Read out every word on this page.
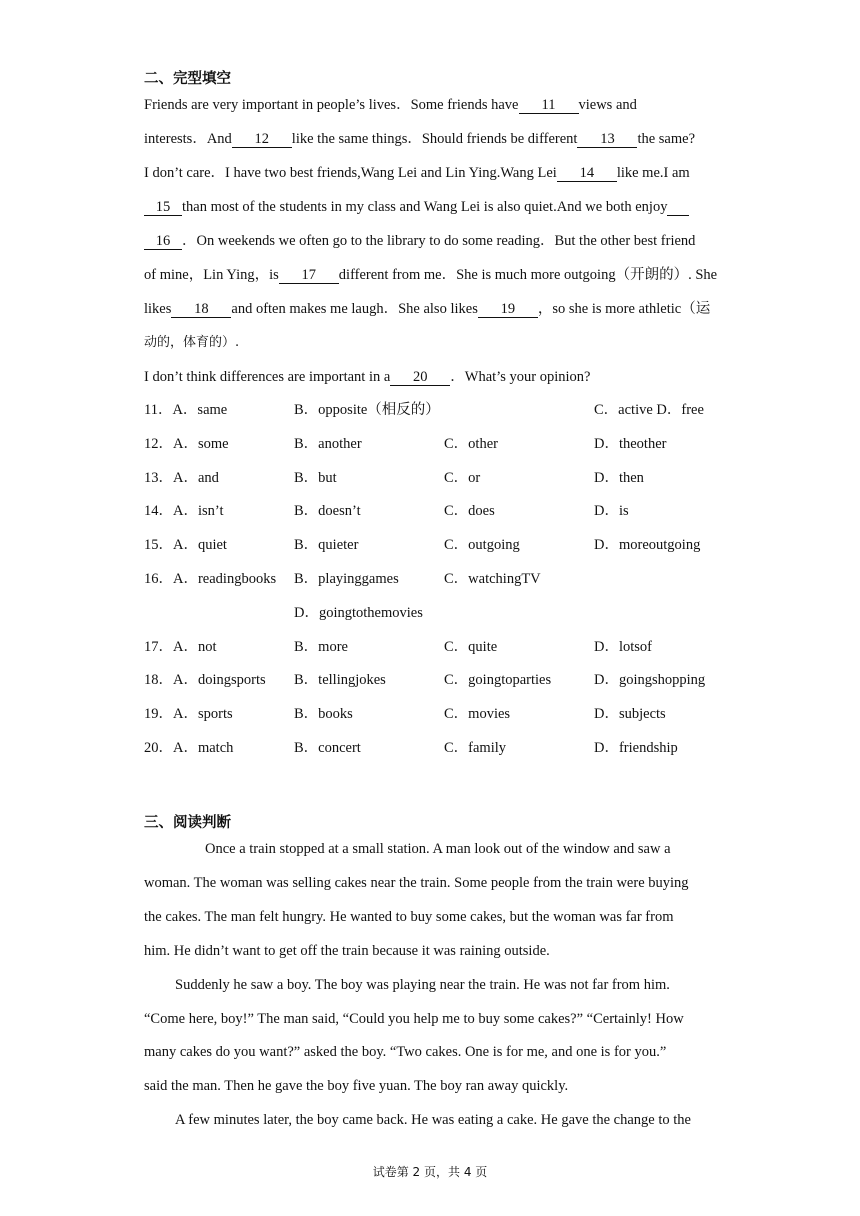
二、完型填空
Friends are very important in people’s lives．Some friends have 11 views and
interests．And 12 like the same things．Should friends be different 13 the same?
I don’t care．I have two best friends,Wang Lei and Lin Ying.Wang Lei 14 like me.I am
15 than most of the students in my class and Wang Lei is also quiet.And we both enjoy
16 ．On weekends we often go to the library to do some reading．But the other best friend
of mine，Lin Ying，is 17 different from me．She is much more outgoing（开朗的）. She
likes 18 and often makes me laugh．She also likes 19 ，so she is more athletic（运
动的，体育的）.
I don’t think differences are important in a 20 ．What’s your opinion?
11．A．same	B．opposite（相反的）	C．active D．free
12．A．some	B．another	C．other	D．theother
13．A．and	B．but	C．or	D．then
14．A．isn’t	B．doesn’t	C．does	D．is
15．A．quiet	B．quieter	C．outgoing	D．moreoutgoing
16．A．readingbooks B．playinggames	C．watchingTV
D．goingtothemovies
17．A．not	B．more	C．quite	D．lotsof
18．A．doingsports B．tellingjokes	C．goingtoparties	D．goingshopping
19．A．sports	B．books	C．movies	D．subjects
20．A．match	B．concert	C．family	D．friendship
三、阅读判断
Once a train stopped at a small station. A man look out of the window and saw a
woman. The woman was selling cakes near the train. Some people from the train were buying
the cakes. The man felt hungry. He wanted to buy some cakes, but the woman was far from
him. He didn’t want to get off the train because it was raining outside.
Suddenly he saw a boy. The boy was playing near the train. He was not far from him.
“Come here, boy!” The man said, “Could you help me to buy some cakes?” “Certainly! How
many cakes do you want?” asked the boy. “Two cakes. One is for me, and one is for you.”
said the man. Then he gave the boy five yuan. The boy ran away quickly.
A few minutes later, the boy came back. He was eating a cake. He gave the change to the
试卷第 2 页，共 4 页
